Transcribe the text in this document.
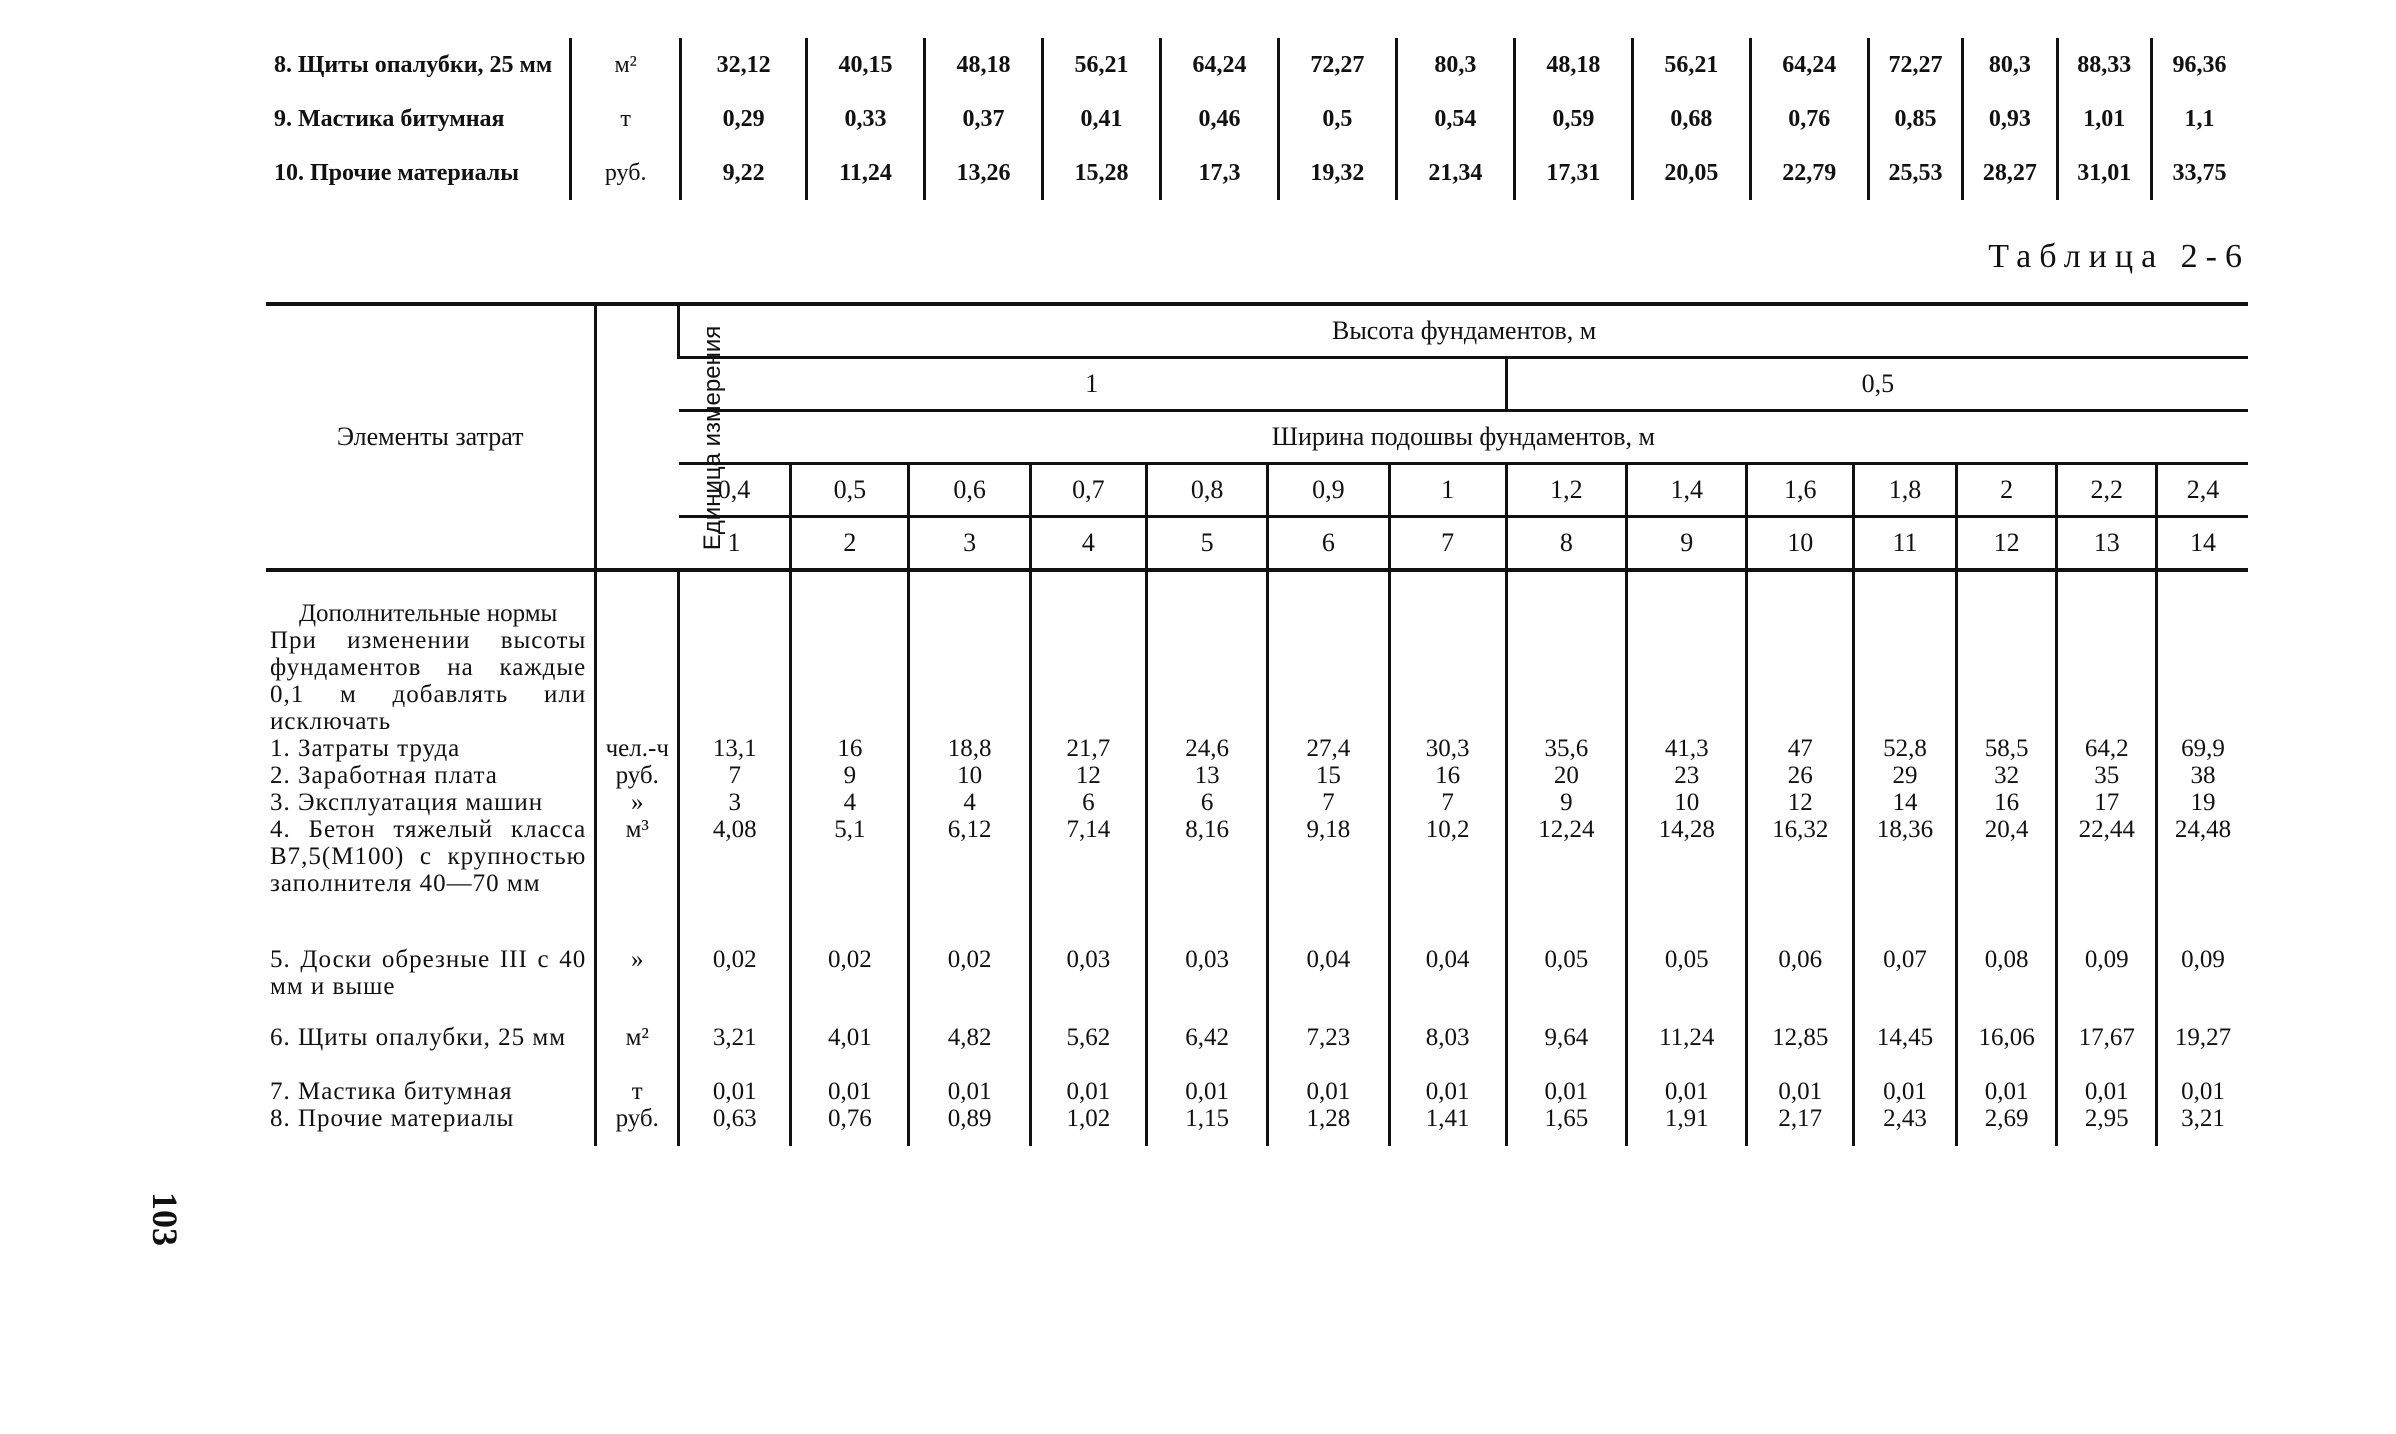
8. Щиты опалубки, 25 мм	м²	32,12	40,15	48,18	56,21	64,24	72,27	80,3	48,18	56,21	64,24	72,27	80,3	88,33	96,36
9. Мастика битумная	т	0,29	0,33	0,37	0,41	0,46	0,5	0,54	0,59	0,68	0,76	0,85	0,93	1,01	1,1
10. Прочие материалы	руб.	9,22	11,24	13,26	15,28	17,3	19,32	21,34	17,31	20,05	22,79	25,53	28,27	31,01	33,75
Таблица 2-6
Элементы затрат	Единица измерения	Высота фундаментов, м													
		1							0,5						
		Ширина подошвы фундаментов, м													
		0,4	0,5	0,6	0,7	0,8	0,9	1	1,2	1,4	1,6	1,8	2	2,2	2,4
		1	2	3	4	5	6	7	8	9	10	11	12	13	14
Дополнительные нормы															
При изменении высоты фундаментов на каждые 0,1 м добавлять или исключать															
1. Затраты труда	чел.-ч	13,1	16	18,8	21,7	24,6	27,4	30,3	35,6	41,3	47	52,8	58,5	64,2	69,9
2. Заработная плата	руб.	7	9	10	12	13	15	16	20	23	26	29	32	35	38
3. Эксплуатация машин	»	3	4	4	6	6	7	7	9	10	12	14	16	17	19
4. Бетон тяжелый класса В7,5(М100) с крупностью заполнителя 40—70 мм	м³	4,08	5,1	6,12	7,14	8,16	9,18	10,2	12,24	14,28	16,32	18,36	20,4	22,44	24,48
5. Доски обрезные III с 40 мм и выше	»	0,02	0,02	0,02	0,03	0,03	0,04	0,04	0,05	0,05	0,06	0,07	0,08	0,09	0,09
6. Щиты опалубки, 25 мм	м²	3,21	4,01	4,82	5,62	6,42	7,23	8,03	9,64	11,24	12,85	14,45	16,06	17,67	19,27
7. Мастика битумная	т	0,01	0,01	0,01	0,01	0,01	0,01	0,01	0,01	0,01	0,01	0,01	0,01	0,01	0,01
8. Прочие материалы	руб.	0,63	0,76	0,89	1,02	1,15	1,28	1,41	1,65	1,91	2,17	2,43	2,69	2,95	3,21

103
